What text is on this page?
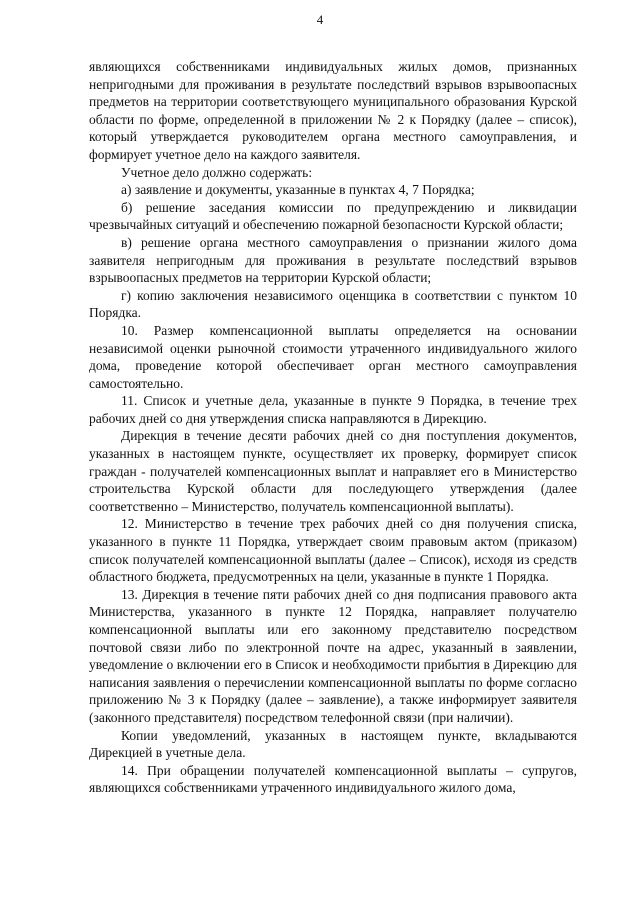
4

являющихся собственниками индивидуальных жилых домов, признанных непригодными для проживания в результате последствий взрывов взрывоопасных предметов на территории соответствующего муниципального образования Курской области по форме, определенной в приложении № 2 к Порядку (далее – список), который утверждается руководителем органа местного самоуправления, и формирует учетное дело на каждого заявителя.

Учетное дело должно содержать:

а) заявление и документы, указанные в пунктах 4, 7 Порядка;

б) решение заседания комиссии по предупреждению и ликвидации чрезвычайных ситуаций и обеспечению пожарной безопасности Курской области;

в) решение органа местного самоуправления о признании жилого дома заявителя непригодным для проживания в результате последствий взрывов взрывоопасных предметов на территории Курской области;

г) копию заключения независимого оценщика в соответствии с пунктом 10 Порядка.

10. Размер компенсационной выплаты определяется на основании независимой оценки рыночной стоимости утраченного индивидуального жилого дома, проведение которой обеспечивает орган местного самоуправления самостоятельно.

11. Список и учетные дела, указанные в пункте 9 Порядка, в течение трех рабочих дней со дня утверждения списка направляются в Дирекцию.

Дирекция в течение десяти рабочих дней со дня поступления документов, указанных в настоящем пункте, осуществляет их проверку, формирует список граждан - получателей компенсационных выплат и направляет его в Министерство строительства Курской области для последующего утверждения (далее соответственно – Министерство, получатель компенсационной выплаты).

12. Министерство в течение трех рабочих дней со дня получения списка, указанного в пункте 11 Порядка, утверждает своим правовым актом (приказом) список получателей компенсационной выплаты (далее – Список), исходя из средств областного бюджета, предусмотренных на цели, указанные в пункте 1 Порядка.

13. Дирекция в течение пяти рабочих дней со дня подписания правового акта Министерства, указанного в пункте 12 Порядка, направляет получателю компенсационной выплаты или его законному представителю посредством почтовой связи либо по электронной почте на адрес, указанный в заявлении, уведомление о включении его в Список и необходимости прибытия в Дирекцию для написания заявления о перечислении компенсационной выплаты по форме согласно приложению № 3 к Порядку (далее – заявление), а также информирует заявителя (законного представителя) посредством телефонной связи (при наличии).

Копии уведомлений, указанных в настоящем пункте, вкладываются Дирекцией в учетные дела.

14. При обращении получателей компенсационной выплаты – супругов, являющихся собственниками утраченного индивидуального жилого дома,
